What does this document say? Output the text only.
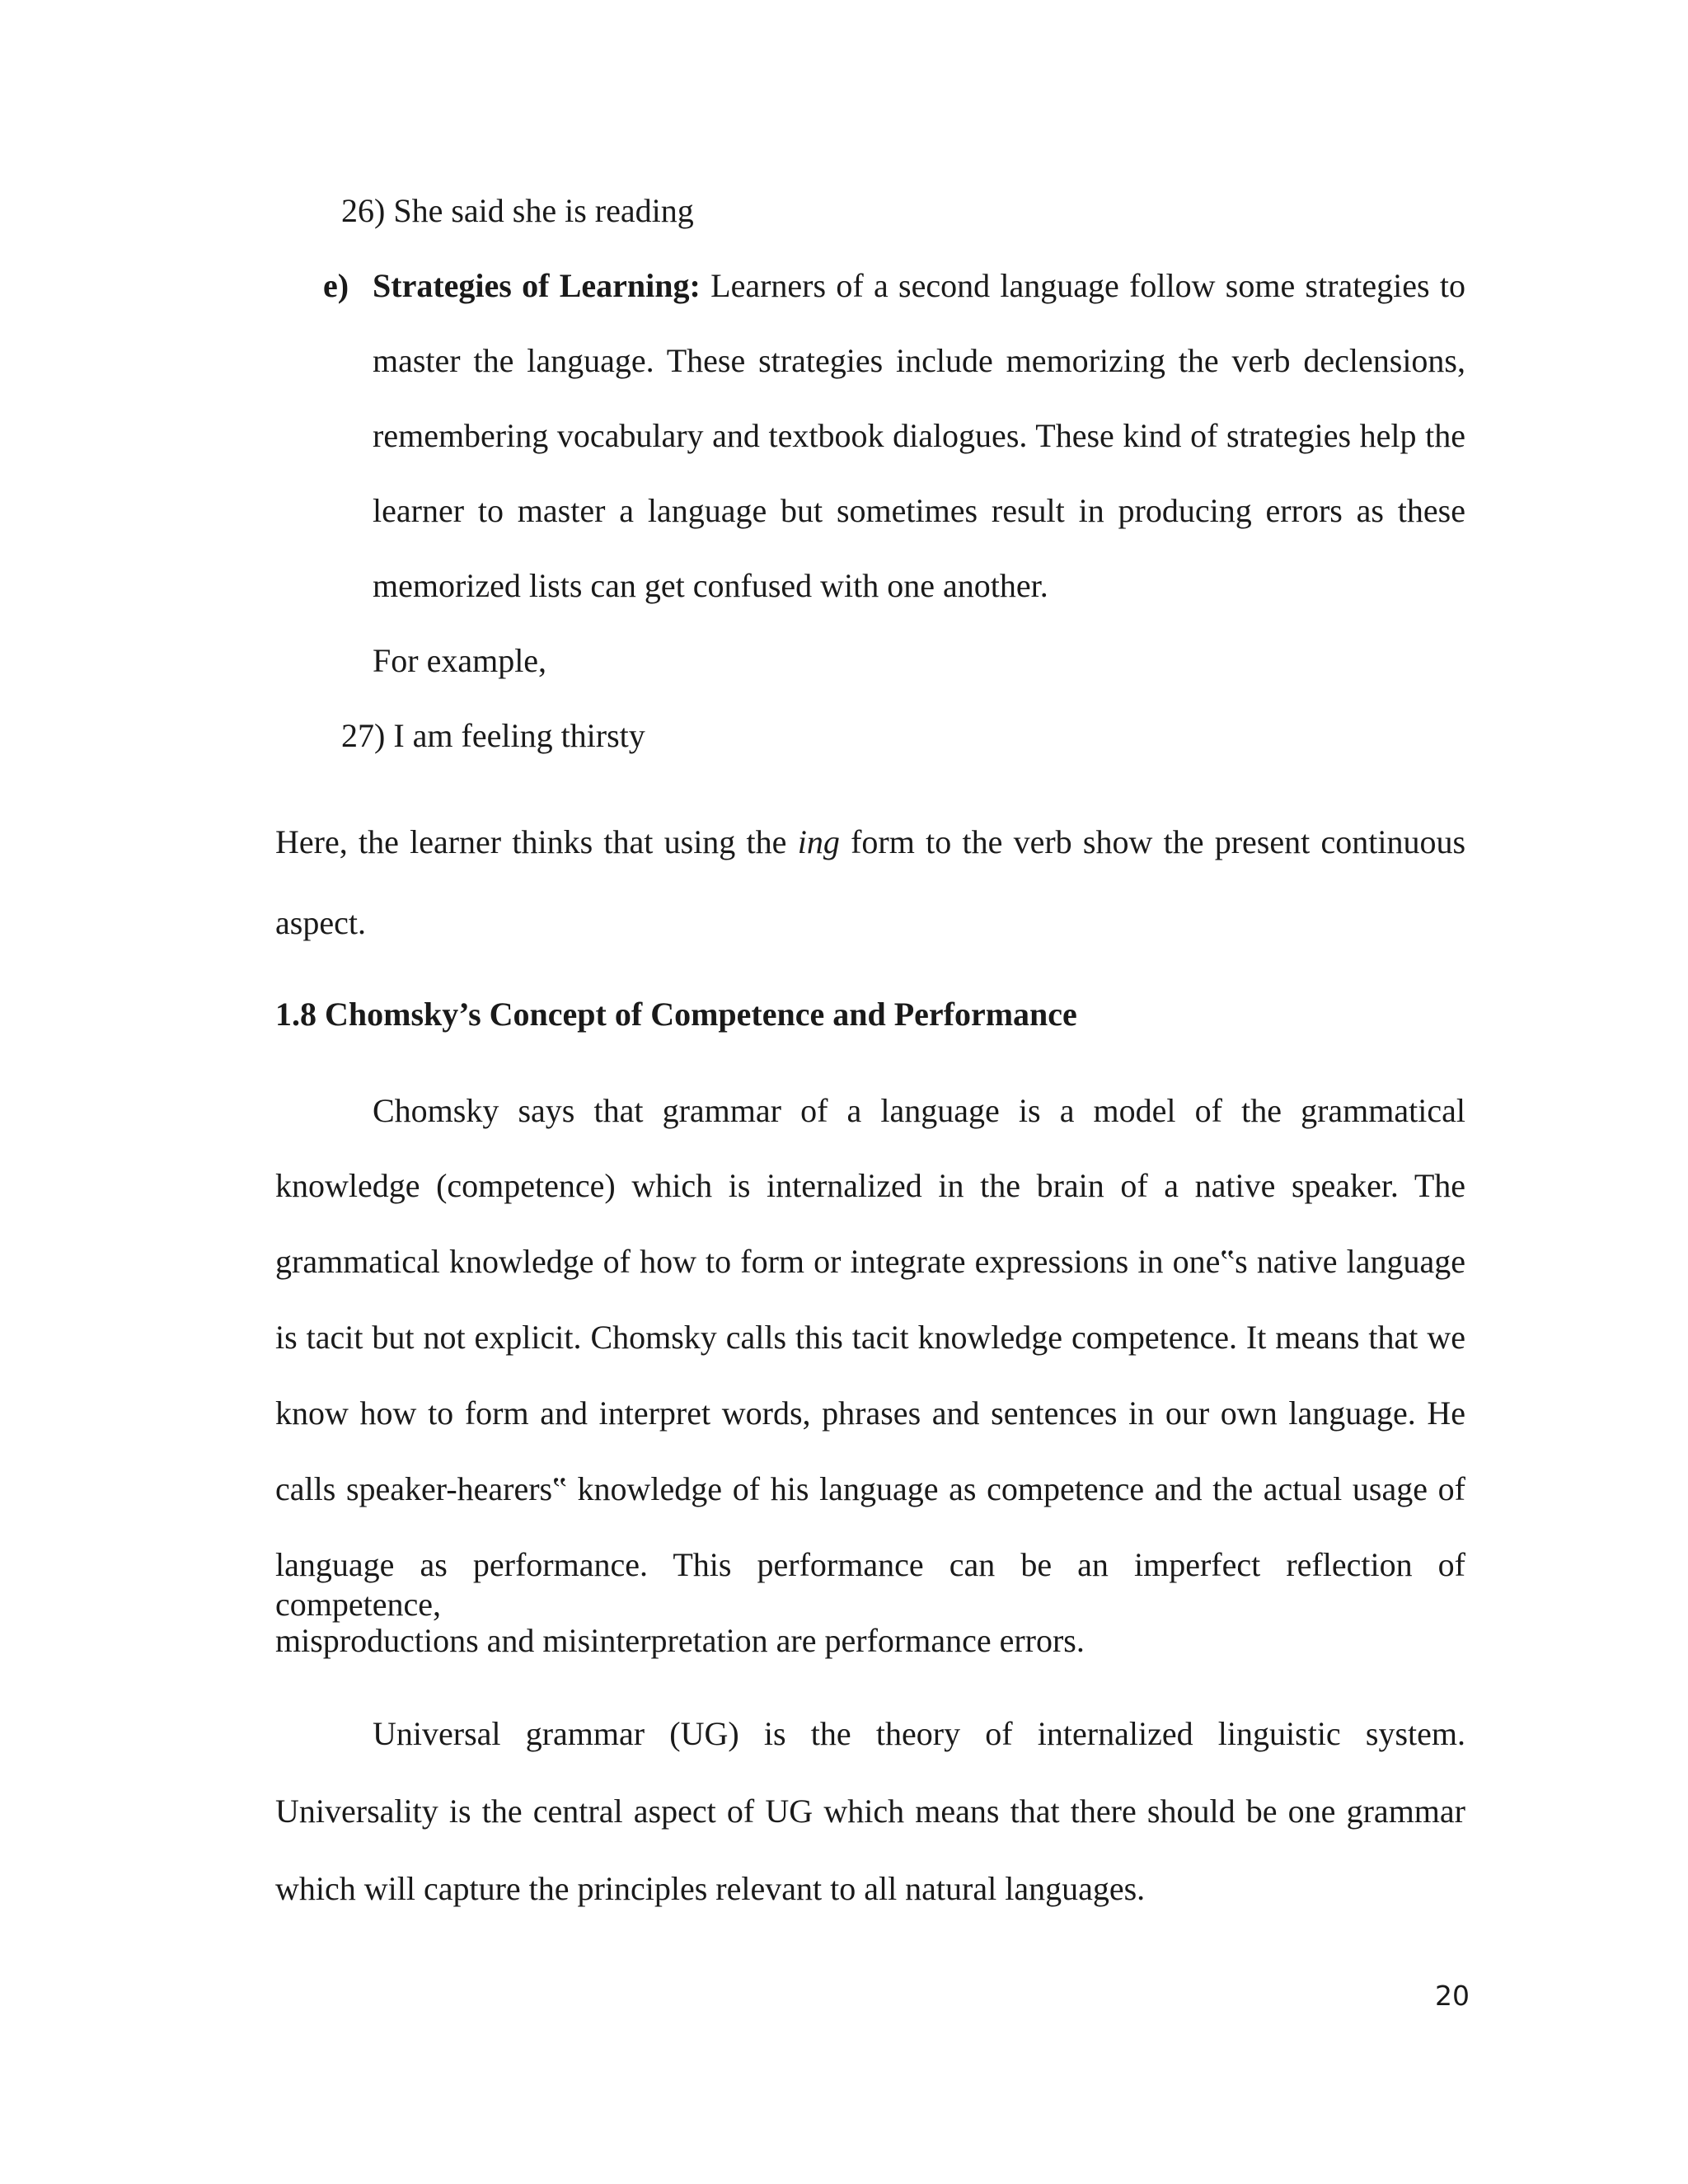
26) She said she is reading
e) Strategies of Learning: Learners of a second language follow some strategies to
master the language. These strategies include memorizing the verb declensions,
remembering vocabulary and textbook dialogues. These kind of strategies help the
learner to master a language but sometimes result in producing errors as these
memorized lists can get confused with one another.
For example,
27) I am feeling thirsty
Here, the learner thinks that using the ing form to the verb show the present continuous
aspect.
1.8 Chomsky’s Concept of Competence and Performance
Chomsky says that grammar of a language is a model of the grammatical
knowledge (competence) which is internalized in the brain of a native speaker. The
grammatical knowledge of how to form or integrate expressions in one‟s native language
is tacit but not explicit. Chomsky calls this tacit knowledge competence. It means that we
know how to form and interpret words, phrases and sentences in our own language. He
calls speaker-hearers‟ knowledge of his language as competence and the actual usage of
language as performance. This performance can be an imperfect reflection of competence,
misproductions and misinterpretation are performance errors.
Universal grammar (UG) is the theory of internalized linguistic system.
Universality is the central aspect of UG which means that there should be one grammar
which will capture the principles relevant to all natural languages.
20
